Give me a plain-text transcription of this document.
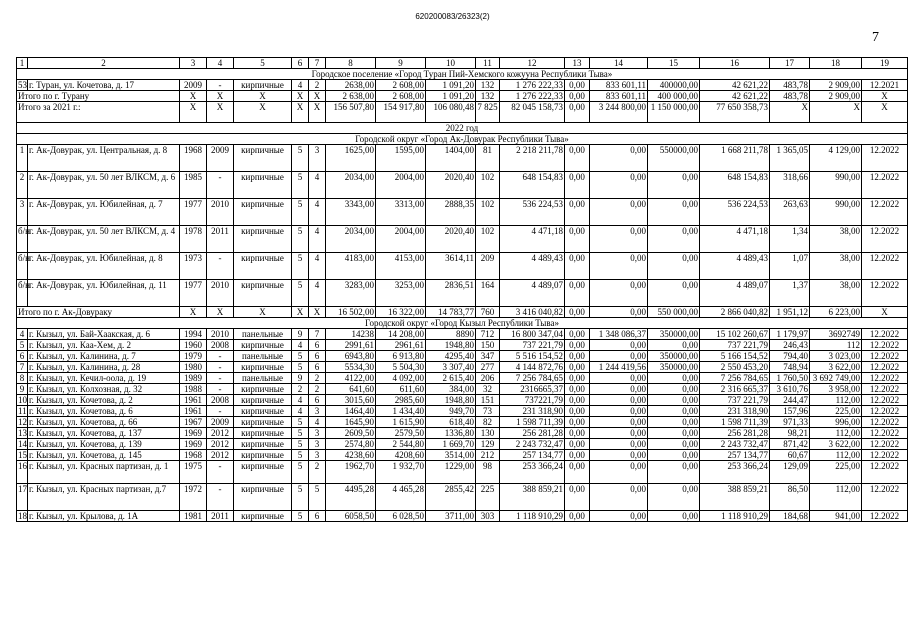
620200083/26323(2)
7
1	2	3	4	5	6	7	8	9	10	11	12	13	14	15	16	17	18	19
Городское поселение «Город Туран Пий-Хемского кожууна Республики Тыва»																		
53	г. Туран, ул. Кочетова, д. 17	2009	-	кирпичные	4	2	2638,00	2 608,00	1 091,20	132	1 276 222,33	0,00	833 601,11	400000,00	42 621,22	483,78	2 909,00	12.2021
Итого по г. Турану		X	X	X	X	X	2 638,00	2 608,00	1 091,20	132	1 276 222,33	0,00	833 601,11	400 000,00	42 621,22	483,78	2 909,00	X
Итого за 2021 г.:		X	X	X	X	X	156 507,80	154 917,80	106 080,48	7 825	82 045 158,73	0,00	3 244 800,00	1 150 000,00	77 650 358,73	X	X	X
2022 год																		
Городской округ «Город Ак-Довурак Республики Тыва»																		
1	г. Ак-Довурак, ул. Центральная, д. 8	1968	2009	кирпичные	5	3	1625,00	1595,00	1404,00	81	2 218 211,78	0,00	0,00	550000,00	1 668 211,78	1 365,05	4 129,00	12.2022
2	г. Ак-Довурак, ул. 50 лет ВЛКСМ, д. 6	1985	-	кирпичные	5	4	2034,00	2004,00	2020,40	102	648 154,83	0,00	0,00	0,00	648 154,83	318,66	990,00	12.2022
3	г. Ак-Довурак, ул. Юбилейная, д. 7	1977	2010	кирпичные	5	4	3343,00	3313,00	2888,35	102	536 224,53	0,00	0,00	0,00	536 224,53	263,63	990,00	12.2022
б/н	г. Ак-Довурак, ул. 50 лет ВЛКСМ, д. 4	1978	2011	кирпичные	5	4	2034,00	2004,00	2020,40	102	4 471,18	0,00	0,00	0,00	4 471,18	1,34	38,00	12.2022
б/н	г. Ак-Довурак, ул. Юбилейная, д. 8	1973	-	кирпичные	5	4	4183,00	4153,00	3614,11	209	4 489,43	0,00	0,00	0,00	4 489,43	1,07	38,00	12.2022
б/н	г. Ак-Довурак, ул. Юбилейная, д. 11	1977	2010	кирпичные	5	4	3283,00	3253,00	2836,51	164	4 489,07	0,00	0,00	0,00	4 489,07	1,37	38,00	12.2022
Итого по г. Ак-Довураку		X	X	X	X	X	16 502,00	16 322,00	14 783,77	760	3 416 040,82	0,00	0,00	550 000,00	2 866 040,82	1 951,12	6 223,00	X
Городской округ «Город Кызыл Республики Тыва»																		
4	г. Кызыл, ул. Бай-Хаакская, д. 6	1994	2010	панельные	9	7	14238	14 208,00	8890	712	16 800 347,04	0,00	1 348 086,37	350000,00	15 102 260,67	1 179,97	3692749	12.2022
5	г. Кызыл, ул. Каа-Хем, д. 2	1960	2008	кирпичные	4	6	2991,61	2961,61	1948,80	150	737 221,79	0,00	0,00	0,00	737 221,79	246,43	112	12.2022
6	г. Кызыл, ул. Калинина, д. 7	1979	-	панельные	5	6	6943,80	6 913,80	4295,40	347	5 516 154,52	0,00	0,00	350000,00	5 166 154,52	794,40	3 023,00	12.2022
7	г. Кызыл, ул. Калинина, д. 28	1980	-	кирпичные	5	6	5534,30	5 504,30	3 307,40	277	4 144 872,76	0,00	1 244 419,56	350000,00	2 550 453,20	748,94	3 622,00	12.2022
8	г. Кызыл, ул. Кечил-оола, д. 19	1989	-	панельные	9	2	4122,00	4 092,00	2 615,40	206	7 256 784,65	0,00	0,00	0,00	7 256 784,65	1 760,50	3 692 749,00	12.2022
9	г. Кызыл, ул. Колхозная, д. 32	1988	-	кирпичные	2	2	641,60	611,60	384,00	32	2316665,37	0,00	0,00	0,00	2 316 665,37	3 610,76	3 958,00	12.2022
10	г. Кызыл, ул. Кочетова, д. 2	1961	2008	кирпичные	4	6	3015,60	2985,60	1948,80	151	737221,79	0,00	0,00	0,00	737 221,79	244,47	112,00	12.2022
11	г. Кызыл, ул. Кочетова, д. 6	1961	-	кирпичные	4	3	1464,40	1 434,40	949,70	73	231 318,90	0,00	0,00	0,00	231 318,90	157,96	225,00	12.2022
12	г. Кызыл, ул. Кочетова, д. 66	1967	2009	кирпичные	5	4	1645,90	1 615,90	618,40	82	1 598 711,39	0,00	0,00	0,00	1 598 711,39	971,33	996,00	12.2022
13	г. Кызыл, ул. Кочетова, д. 137	1969	2012	кирпичные	5	3	2609,50	2579,50	1336,80	130	256 281,28	0,00	0,00	0,00	256 281,28	98,21	112,00	12.2022
14	г. Кызыл, ул. Кочетова, д. 139	1969	2012	кирпичные	5	3	2574,80	2 544,80	1 669,70	129	2 243 732,47	0,00	0,00	0,00	2 243 732,47	871,42	3 622,00	12.2022
15	г. Кызыл, ул. Кочетова, д. 145	1968	2012	кирпичные	5	3	4238,60	4208,60	3514,00	212	257 134,77	0,00	0,00	0,00	257 134,77	60,67	112,00	12.2022
16	г. Кызыл, ул. Красных партизан, д. 1	1975	-	кирпичные	5	2	1962,70	1 932,70	1229,00	98	253 366,24	0,00	0,00	0,00	253 366,24	129,09	225,00	12.2022
17	г. Кызыл, ул. Красных партизан, д.7	1972	-	кирпичные	5	5	4495,28	4 465,28	2855,42	225	388 859,21	0,00	0,00	0,00	388 859,21	86,50	112,00	12.2022
18	г. Кызыл, ул. Крылова, д. 1А	1981	2011	кирпичные	5	6	6058,50	6 028,50	3711,00	303	1 118 910,29	0,00	0,00	0,00	1 118 910,29	184,68	941,00	12.2022
